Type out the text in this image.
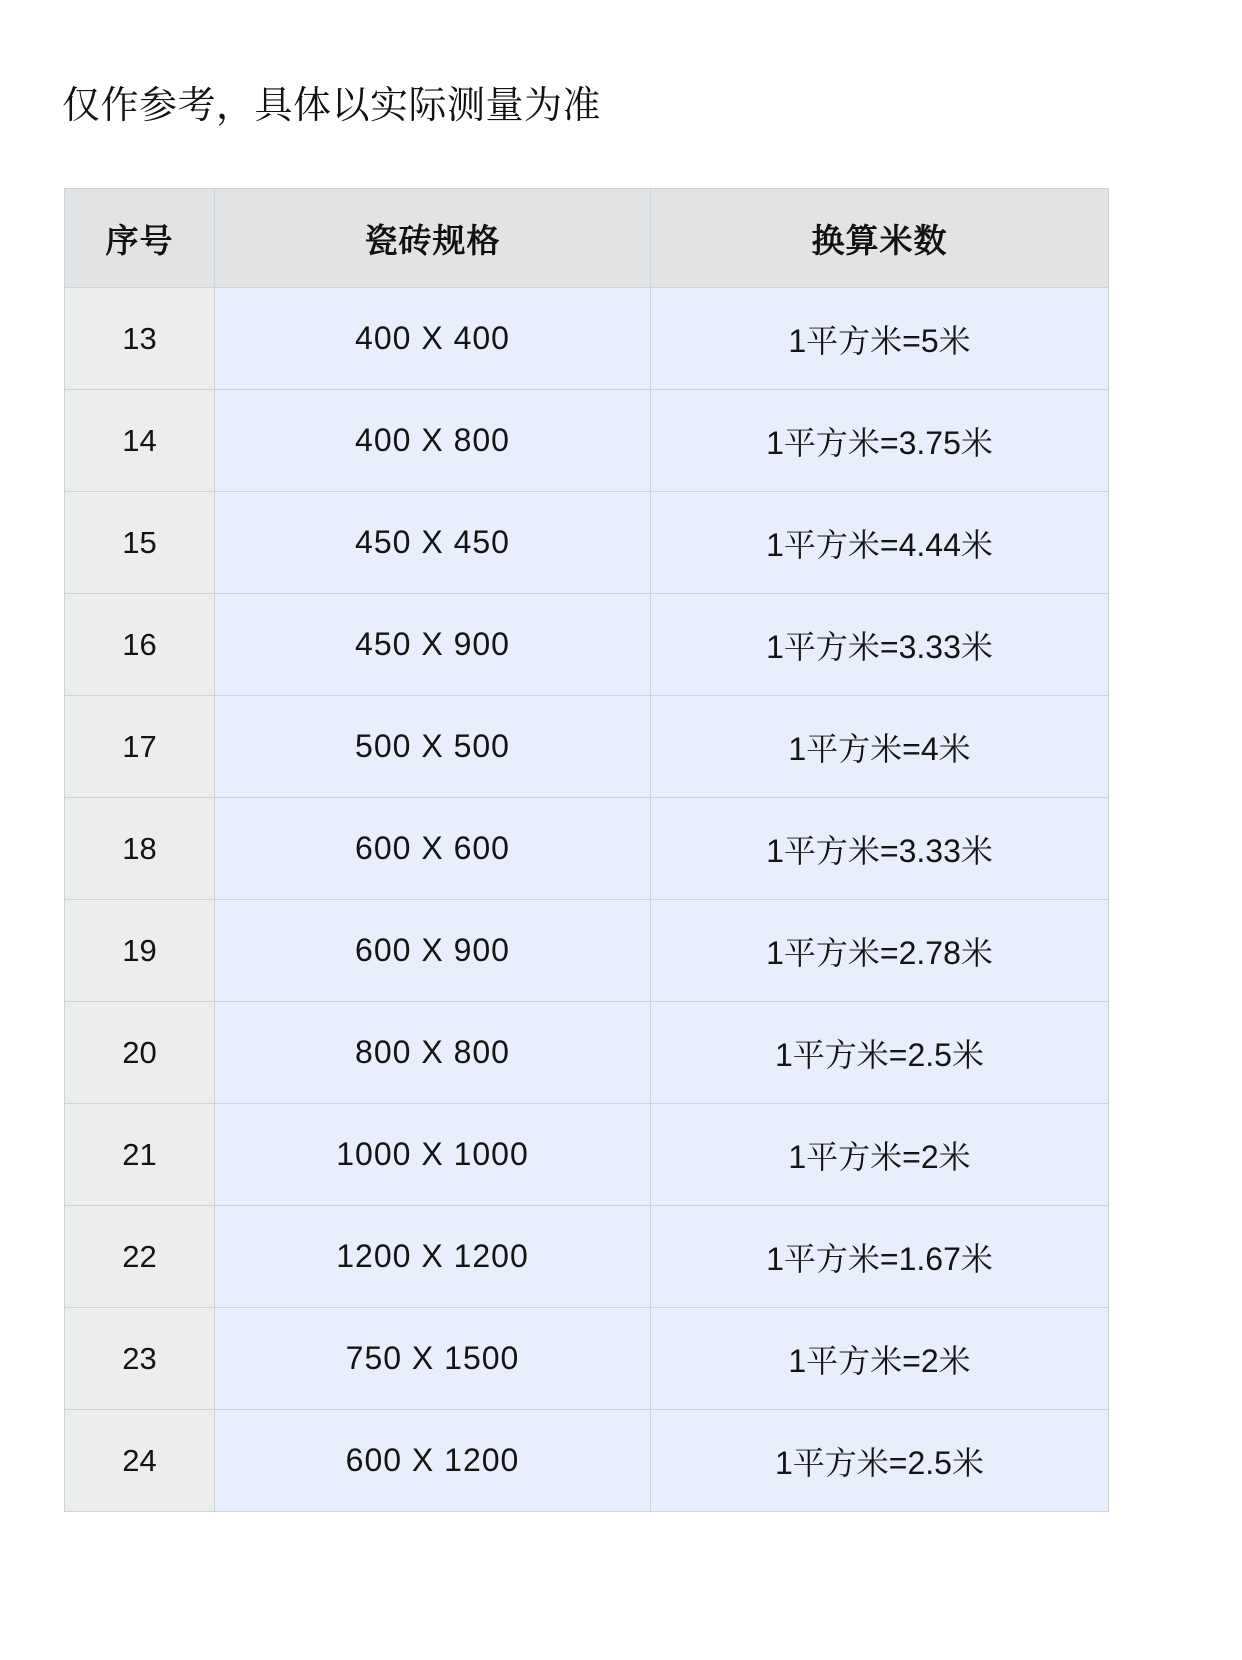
仅作参考，具体以实际测量为准
序号	瓷砖规格	换算米数
13	400 X 400	1平方米=5米
14	400 X 800	1平方米=3.75米
15	450 X 450	1平方米=4.44米
16	450 X 900	1平方米=3.33米
17	500 X 500	1平方米=4米
18	600 X 600	1平方米=3.33米
19	600 X 900	1平方米=2.78米
20	800 X 800	1平方米=2.5米
21	1000 X 1000	1平方米=2米
22	1200 X 1200	1平方米=1.67米
23	750 X 1500	1平方米=2米
24	600 X 1200	1平方米=2.5米
